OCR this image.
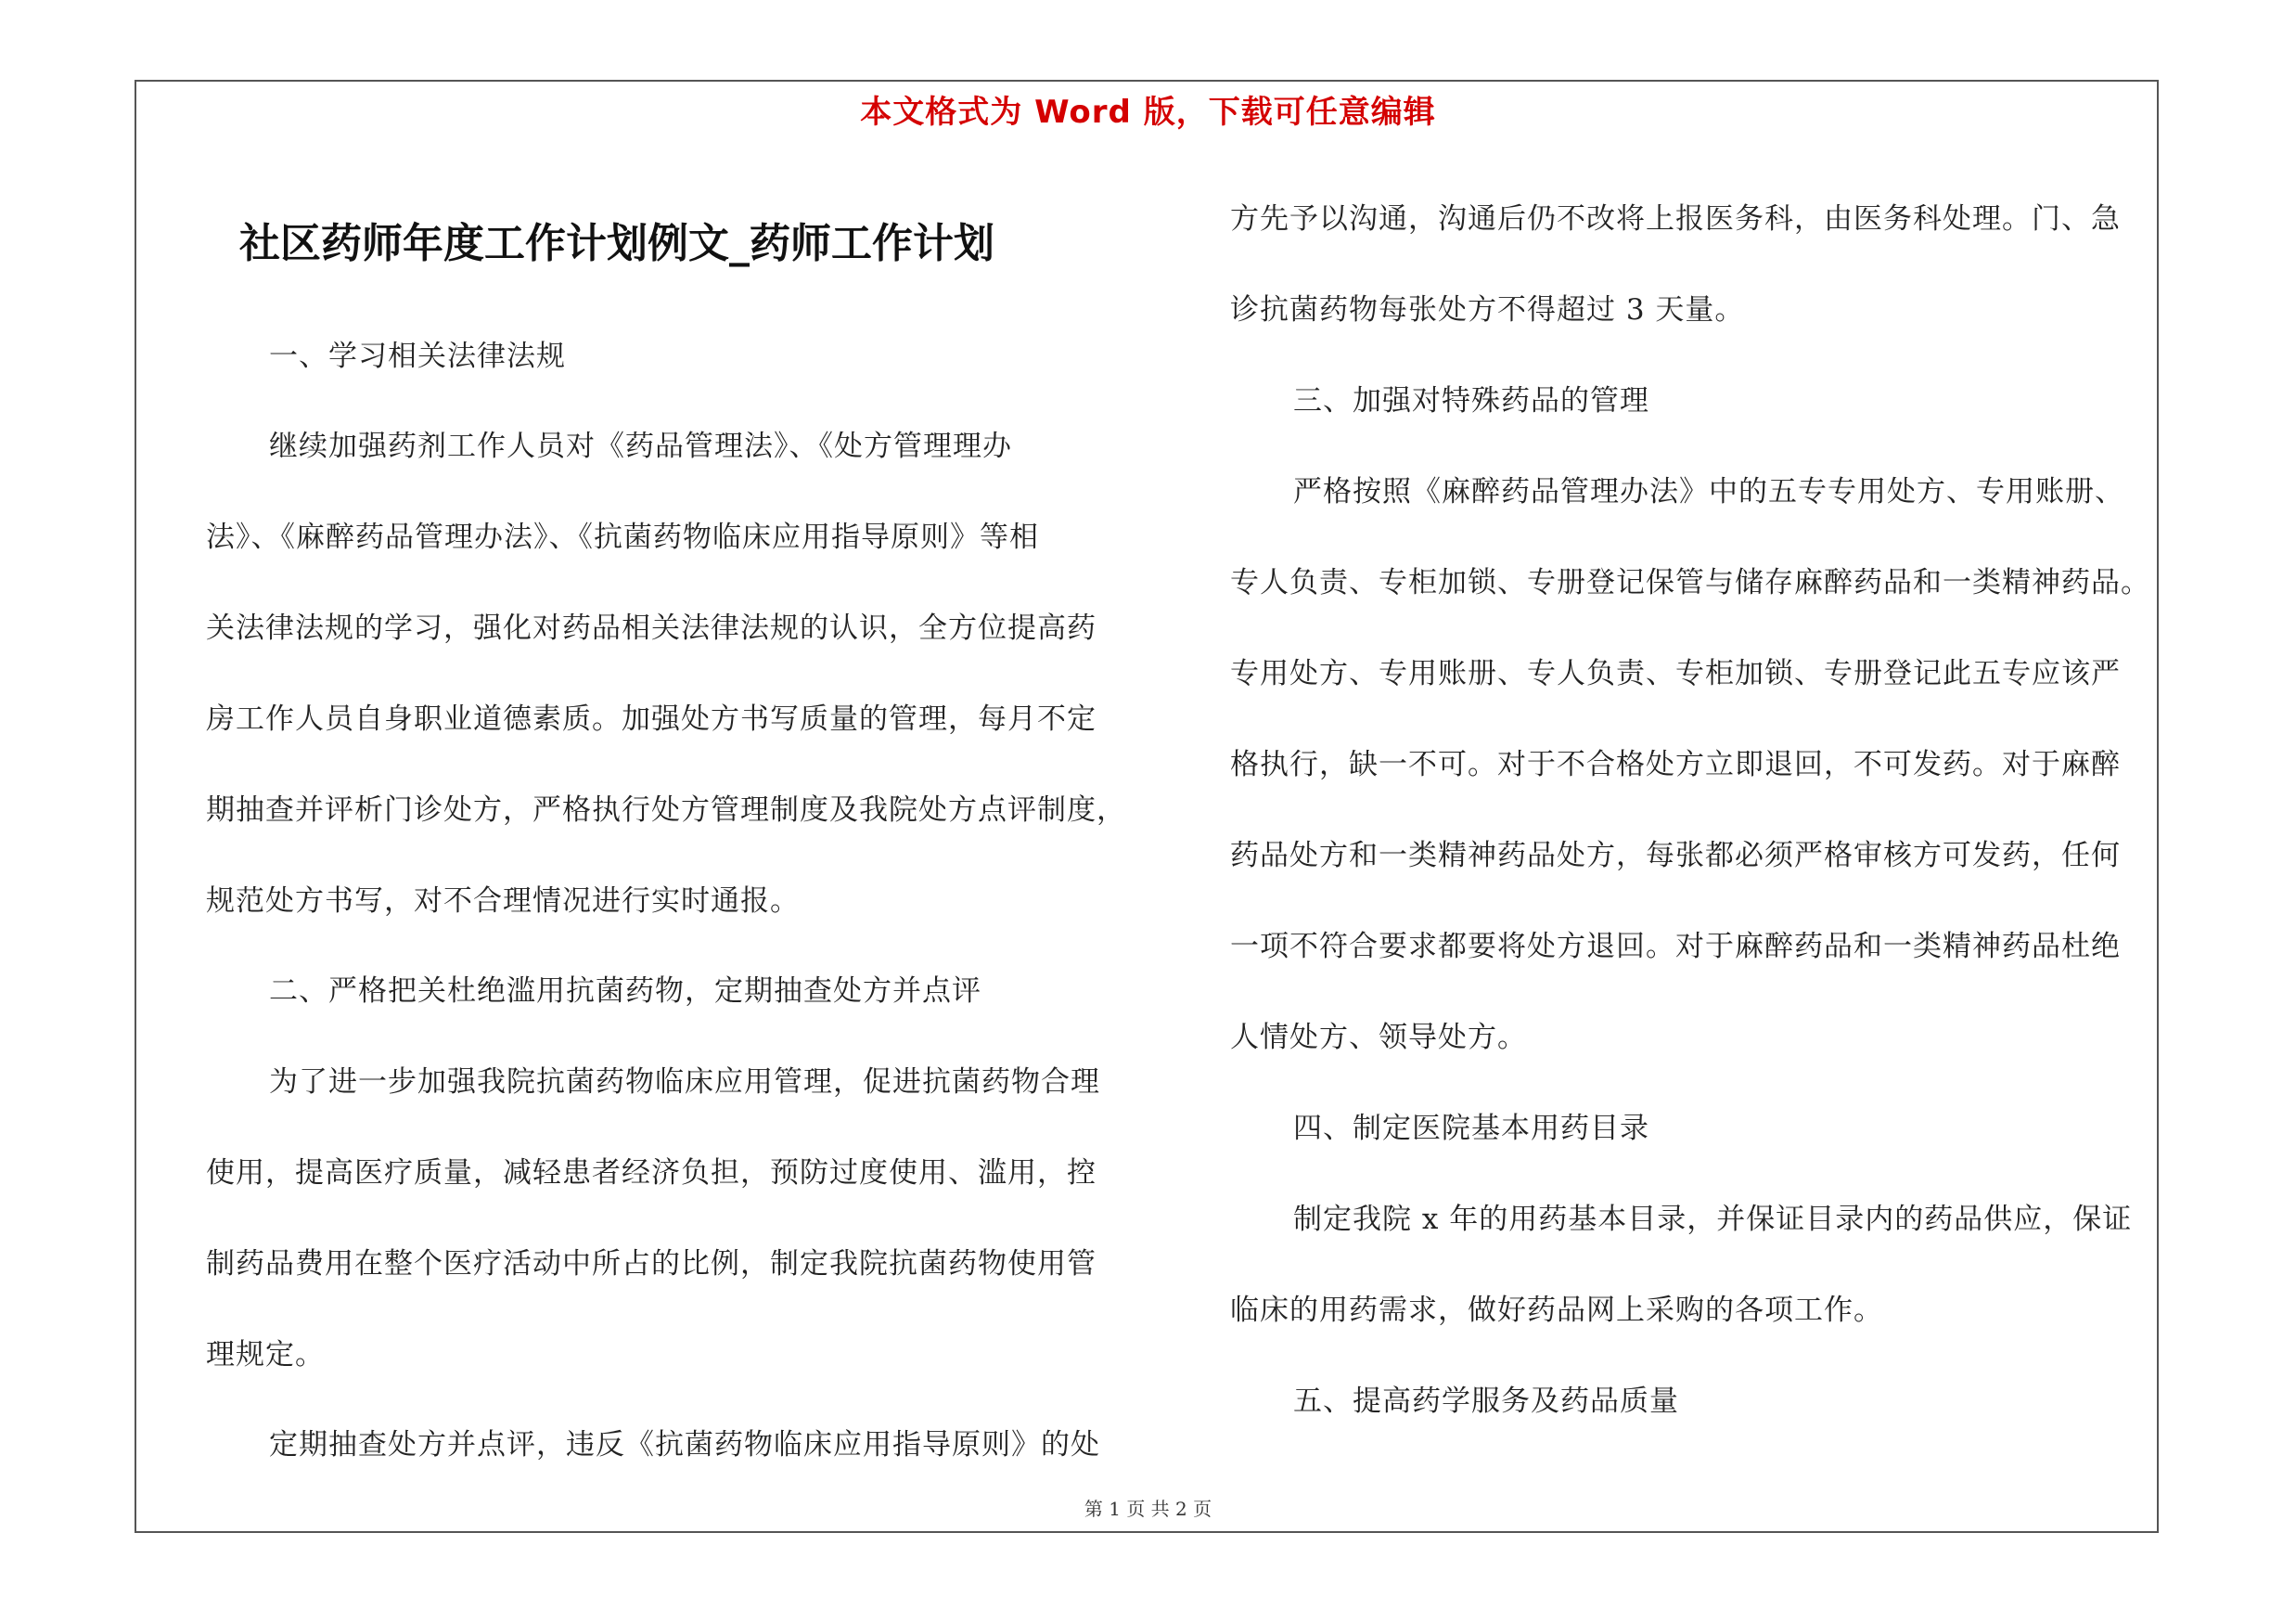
本文格式为 Word 版，下载可任意编辑
社区药师年度工作计划例文_药师工作计划
一、学习相关法律法规
继续加强药剂工作人员对《药品管理法》、《处方管理理办
法》、《麻醉药品管理办法》、《抗菌药物临床应用指导原则》等相
关法律法规的学习，强化对药品相关法律法规的认识，全方位提高药
房工作人员自身职业道德素质。加强处方书写质量的管理，每月不定
期抽查并评析门诊处方，严格执行处方管理制度及我院处方点评制度，
规范处方书写，对不合理情况进行实时通报。
二、严格把关杜绝滥用抗菌药物，定期抽查处方并点评
为了进一步加强我院抗菌药物临床应用管理，促进抗菌药物合理
使用，提高医疗质量，减轻患者经济负担，预防过度使用、滥用，控
制药品费用在整个医疗活动中所占的比例，制定我院抗菌药物使用管
理规定。
定期抽查处方并点评，违反《抗菌药物临床应用指导原则》的处
方先予以沟通，沟通后仍不改将上报医务科，由医务科处理。门、急
诊抗菌药物每张处方不得超过 3 天量。
三、加强对特殊药品的管理
严格按照《麻醉药品管理办法》中的五专专用处方、专用账册、
专人负责、专柜加锁、专册登记保管与储存麻醉药品和一类精神药品。
专用处方、专用账册、专人负责、专柜加锁、专册登记此五专应该严
格执行，缺一不可。对于不合格处方立即退回，不可发药。对于麻醉
药品处方和一类精神药品处方，每张都必须严格审核方可发药，任何
一项不符合要求都要将处方退回。对于麻醉药品和一类精神药品杜绝
人情处方、领导处方。
四、制定医院基本用药目录
制定我院 x 年的用药基本目录，并保证目录内的药品供应，保证
临床的用药需求，做好药品网上采购的各项工作。
五、提高药学服务及药品质量
第 1 页 共 2 页
